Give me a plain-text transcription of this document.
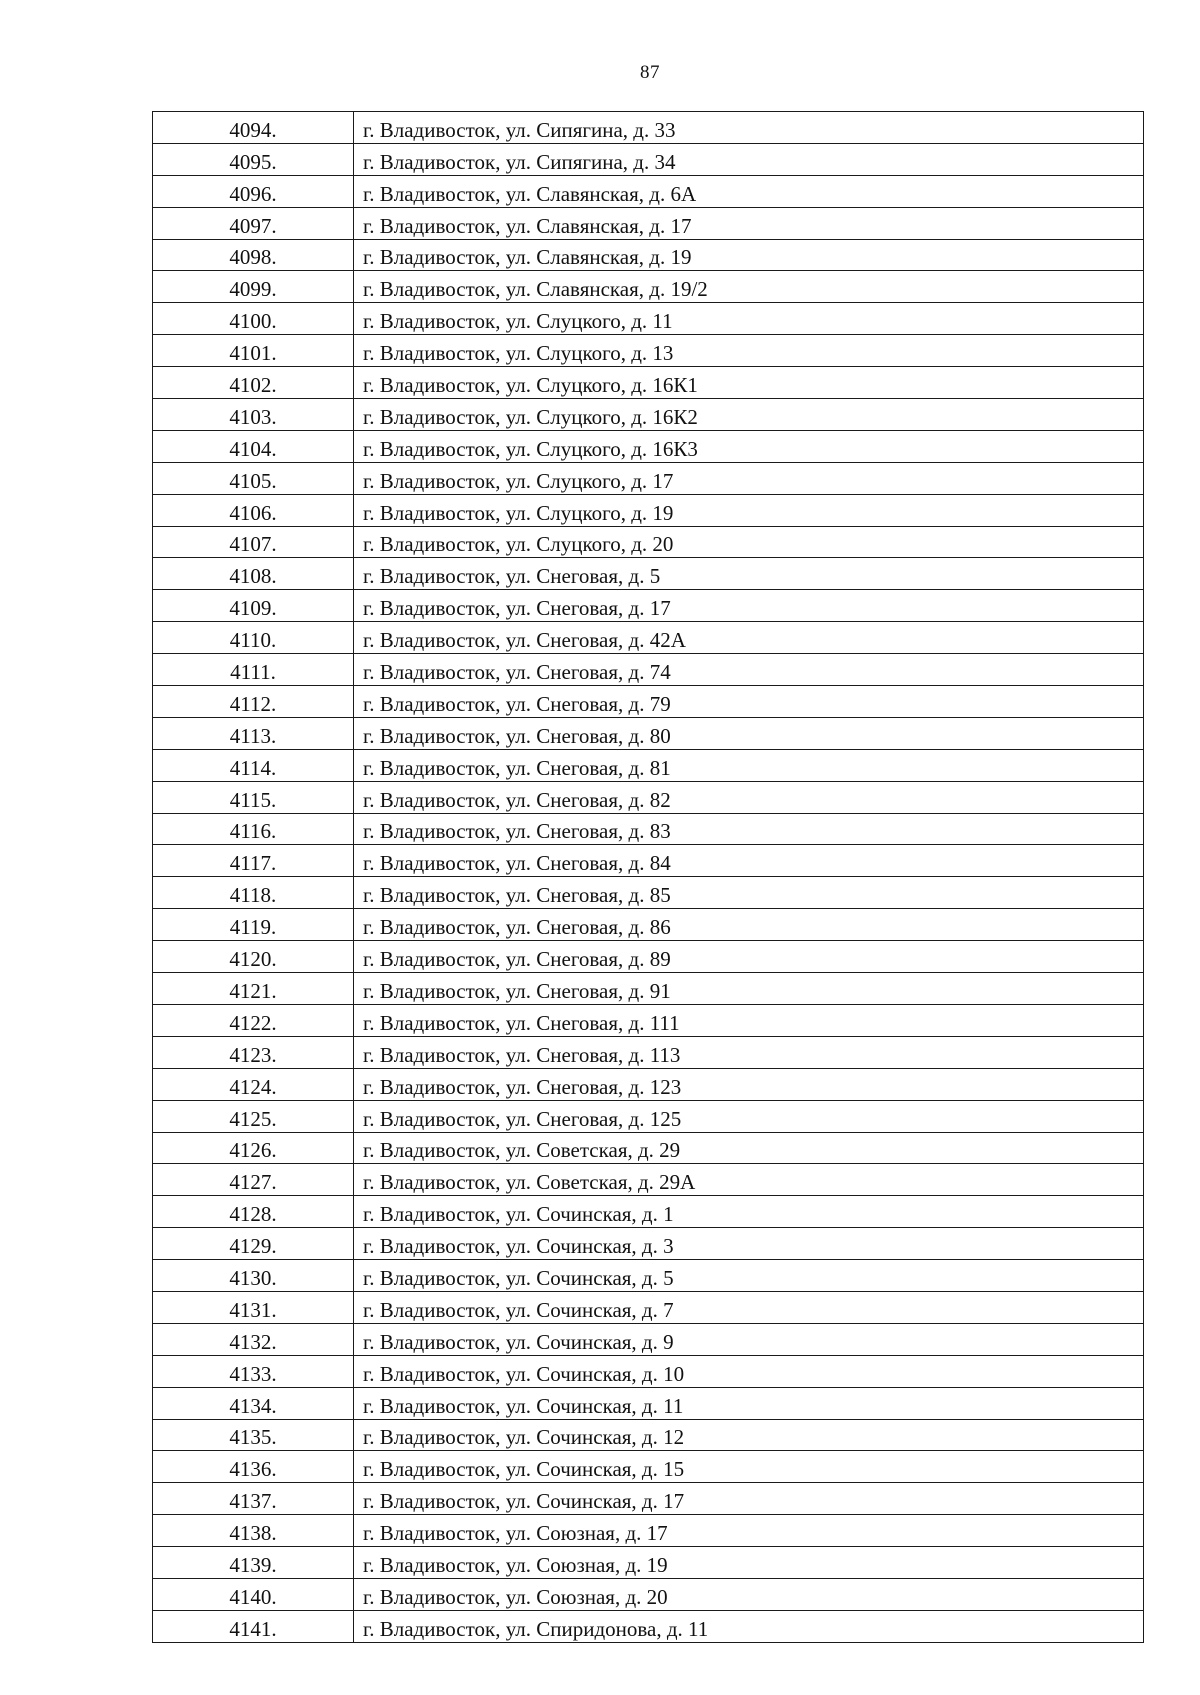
87
4094.	г. Владивосток, ул. Сипягина, д. 33
4095.	г. Владивосток, ул. Сипягина, д. 34
4096.	г. Владивосток, ул. Славянская, д. 6А
4097.	г. Владивосток, ул. Славянская, д. 17
4098.	г. Владивосток, ул. Славянская, д. 19
4099.	г. Владивосток, ул. Славянская, д. 19/2
4100.	г. Владивосток, ул. Слуцкого, д. 11
4101.	г. Владивосток, ул. Слуцкого, д. 13
4102.	г. Владивосток, ул. Слуцкого, д. 16К1
4103.	г. Владивосток, ул. Слуцкого, д. 16К2
4104.	г. Владивосток, ул. Слуцкого, д. 16К3
4105.	г. Владивосток, ул. Слуцкого, д. 17
4106.	г. Владивосток, ул. Слуцкого, д. 19
4107.	г. Владивосток, ул. Слуцкого, д. 20
4108.	г. Владивосток, ул. Снеговая, д. 5
4109.	г. Владивосток, ул. Снеговая, д. 17
4110.	г. Владивосток, ул. Снеговая, д. 42А
4111.	г. Владивосток, ул. Снеговая, д. 74
4112.	г. Владивосток, ул. Снеговая, д. 79
4113.	г. Владивосток, ул. Снеговая, д. 80
4114.	г. Владивосток, ул. Снеговая, д. 81
4115.	г. Владивосток, ул. Снеговая, д. 82
4116.	г. Владивосток, ул. Снеговая, д. 83
4117.	г. Владивосток, ул. Снеговая, д. 84
4118.	г. Владивосток, ул. Снеговая, д. 85
4119.	г. Владивосток, ул. Снеговая, д. 86
4120.	г. Владивосток, ул. Снеговая, д. 89
4121.	г. Владивосток, ул. Снеговая, д. 91
4122.	г. Владивосток, ул. Снеговая, д. 111
4123.	г. Владивосток, ул. Снеговая, д. 113
4124.	г. Владивосток, ул. Снеговая, д. 123
4125.	г. Владивосток, ул. Снеговая, д. 125
4126.	г. Владивосток, ул. Советская, д. 29
4127.	г. Владивосток, ул. Советская, д. 29А
4128.	г. Владивосток, ул. Сочинская, д. 1
4129.	г. Владивосток, ул. Сочинская, д. 3
4130.	г. Владивосток, ул. Сочинская, д. 5
4131.	г. Владивосток, ул. Сочинская, д. 7
4132.	г. Владивосток, ул. Сочинская, д. 9
4133.	г. Владивосток, ул. Сочинская, д. 10
4134.	г. Владивосток, ул. Сочинская, д. 11
4135.	г. Владивосток, ул. Сочинская, д. 12
4136.	г. Владивосток, ул. Сочинская, д. 15
4137.	г. Владивосток, ул. Сочинская, д. 17
4138.	г. Владивосток, ул. Союзная, д. 17
4139.	г. Владивосток, ул. Союзная, д. 19
4140.	г. Владивосток, ул. Союзная, д. 20
4141.	г. Владивосток, ул. Спиридонова, д. 11
